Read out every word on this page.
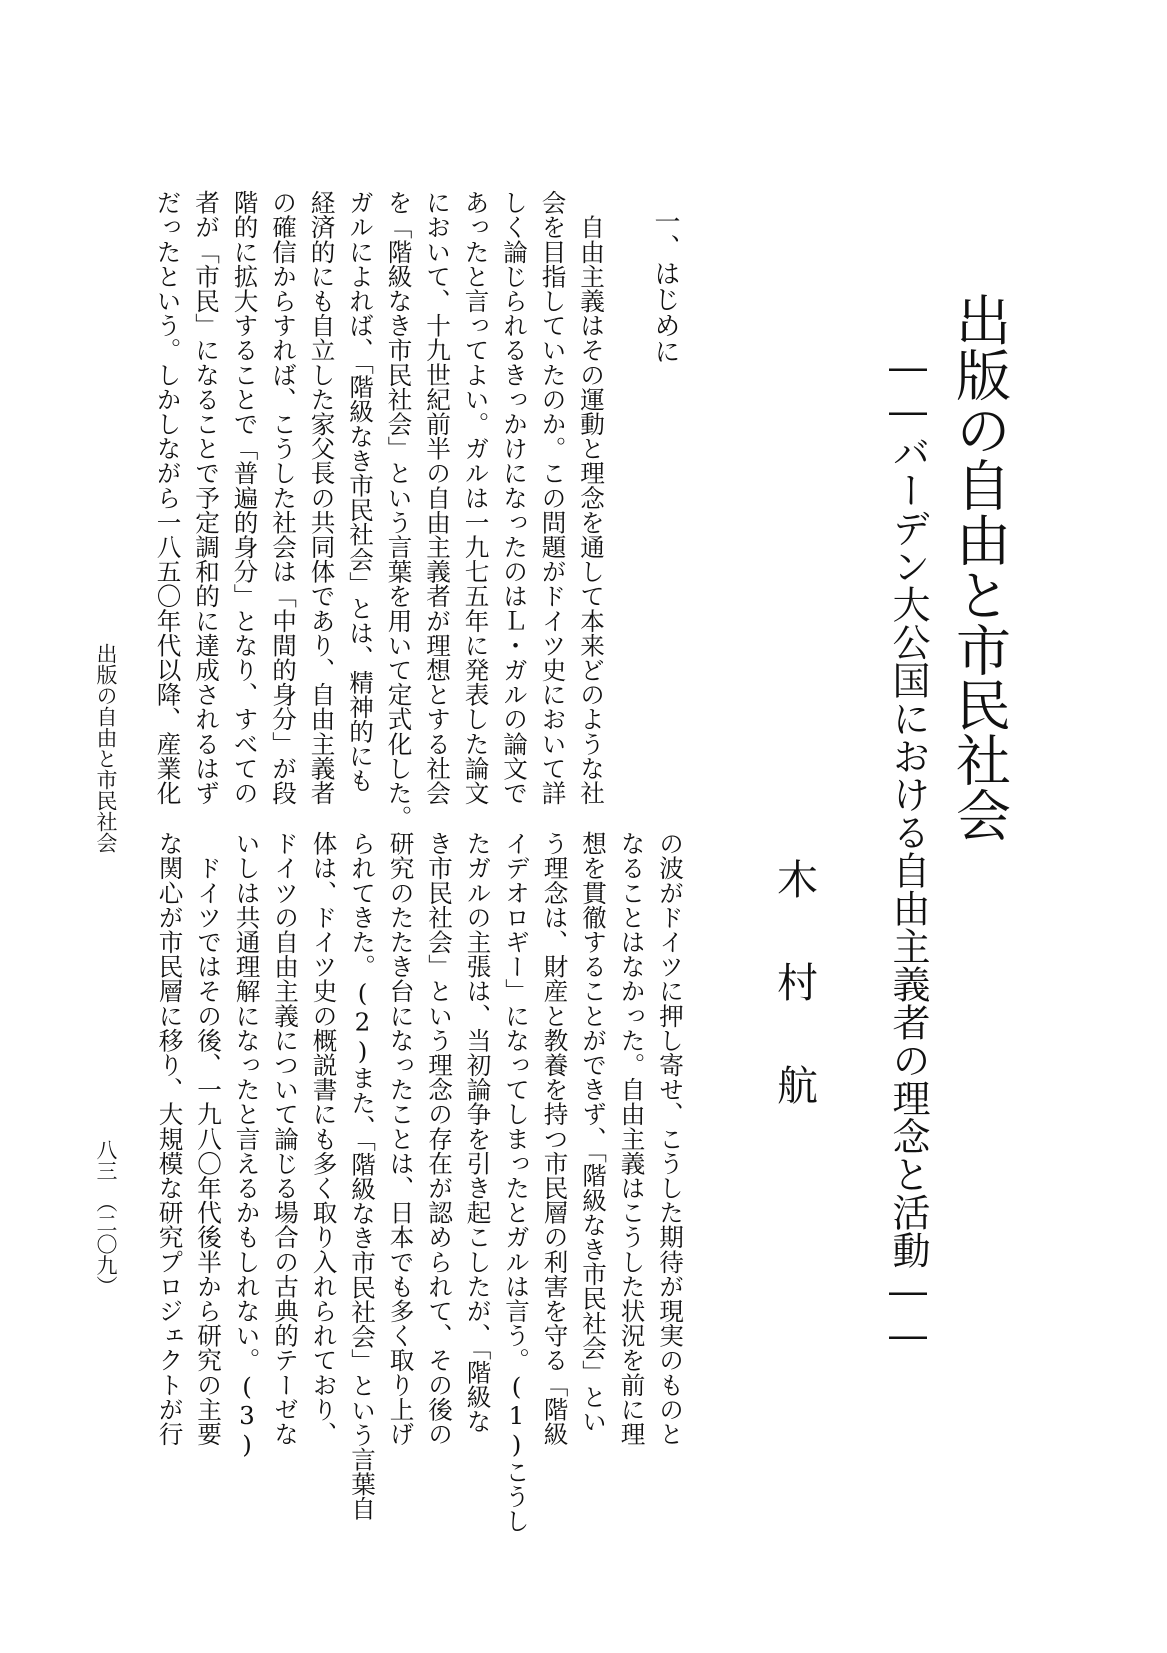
出版の自由と市民社会
――バーデン大公国における自由主義者の理念と活動――
木村航
一、はじめに
　自由主義はその運動と理念を通して本来どのような社
会を目指していたのか。この問題がドイツ史において詳
しく論じられるきっかけになったのはＬ・ガルの論文で
あったと言ってよい。ガルは一九七五年に発表した論文
において、十九世紀前半の自由主義者が理想とする社会
を「階級なき市民社会」という言葉を用いて定式化した。
ガルによれば、「階級なき市民社会」とは、精神的にも
経済的にも自立した家父長の共同体であり、自由主義者
の確信からすれば、こうした社会は「中間的身分」が段
階的に拡大することで「普遍的身分」となり、すべての
者が「市民」になることで予定調和的に達成されるはず
だったという。しかしながら一八五〇年代以降、産業化
の波がドイツに押し寄せ、こうした期待が現実のものと
なることはなかった。自由主義はこうした状況を前に理
想を貫徹することができず、「階級なき市民社会」とい
う理念は、財産と教養を持つ市民層の利害を守る「階級
イデオロギー」になってしまったとガルは言う。(1)こうし
たガルの主張は、当初論争を引き起こしたが、「階級な
き市民社会」という理念の存在が認められて、その後の
研究のたたき台になったことは、日本でも多く取り上げ
られてきた。(2)また、「階級なき市民社会」という言葉自
体は、ドイツ史の概説書にも多く取り入れられており、
ドイツの自由主義について論じる場合の古典的テーゼな
いしは共通理解になったと言えるかもしれない。(3)
　ドイツではその後、一九八〇年代後半から研究の主要
な関心が市民層に移り、大規模な研究プロジェクトが行
出版の自由と市民社会
八三　（二〇九）
